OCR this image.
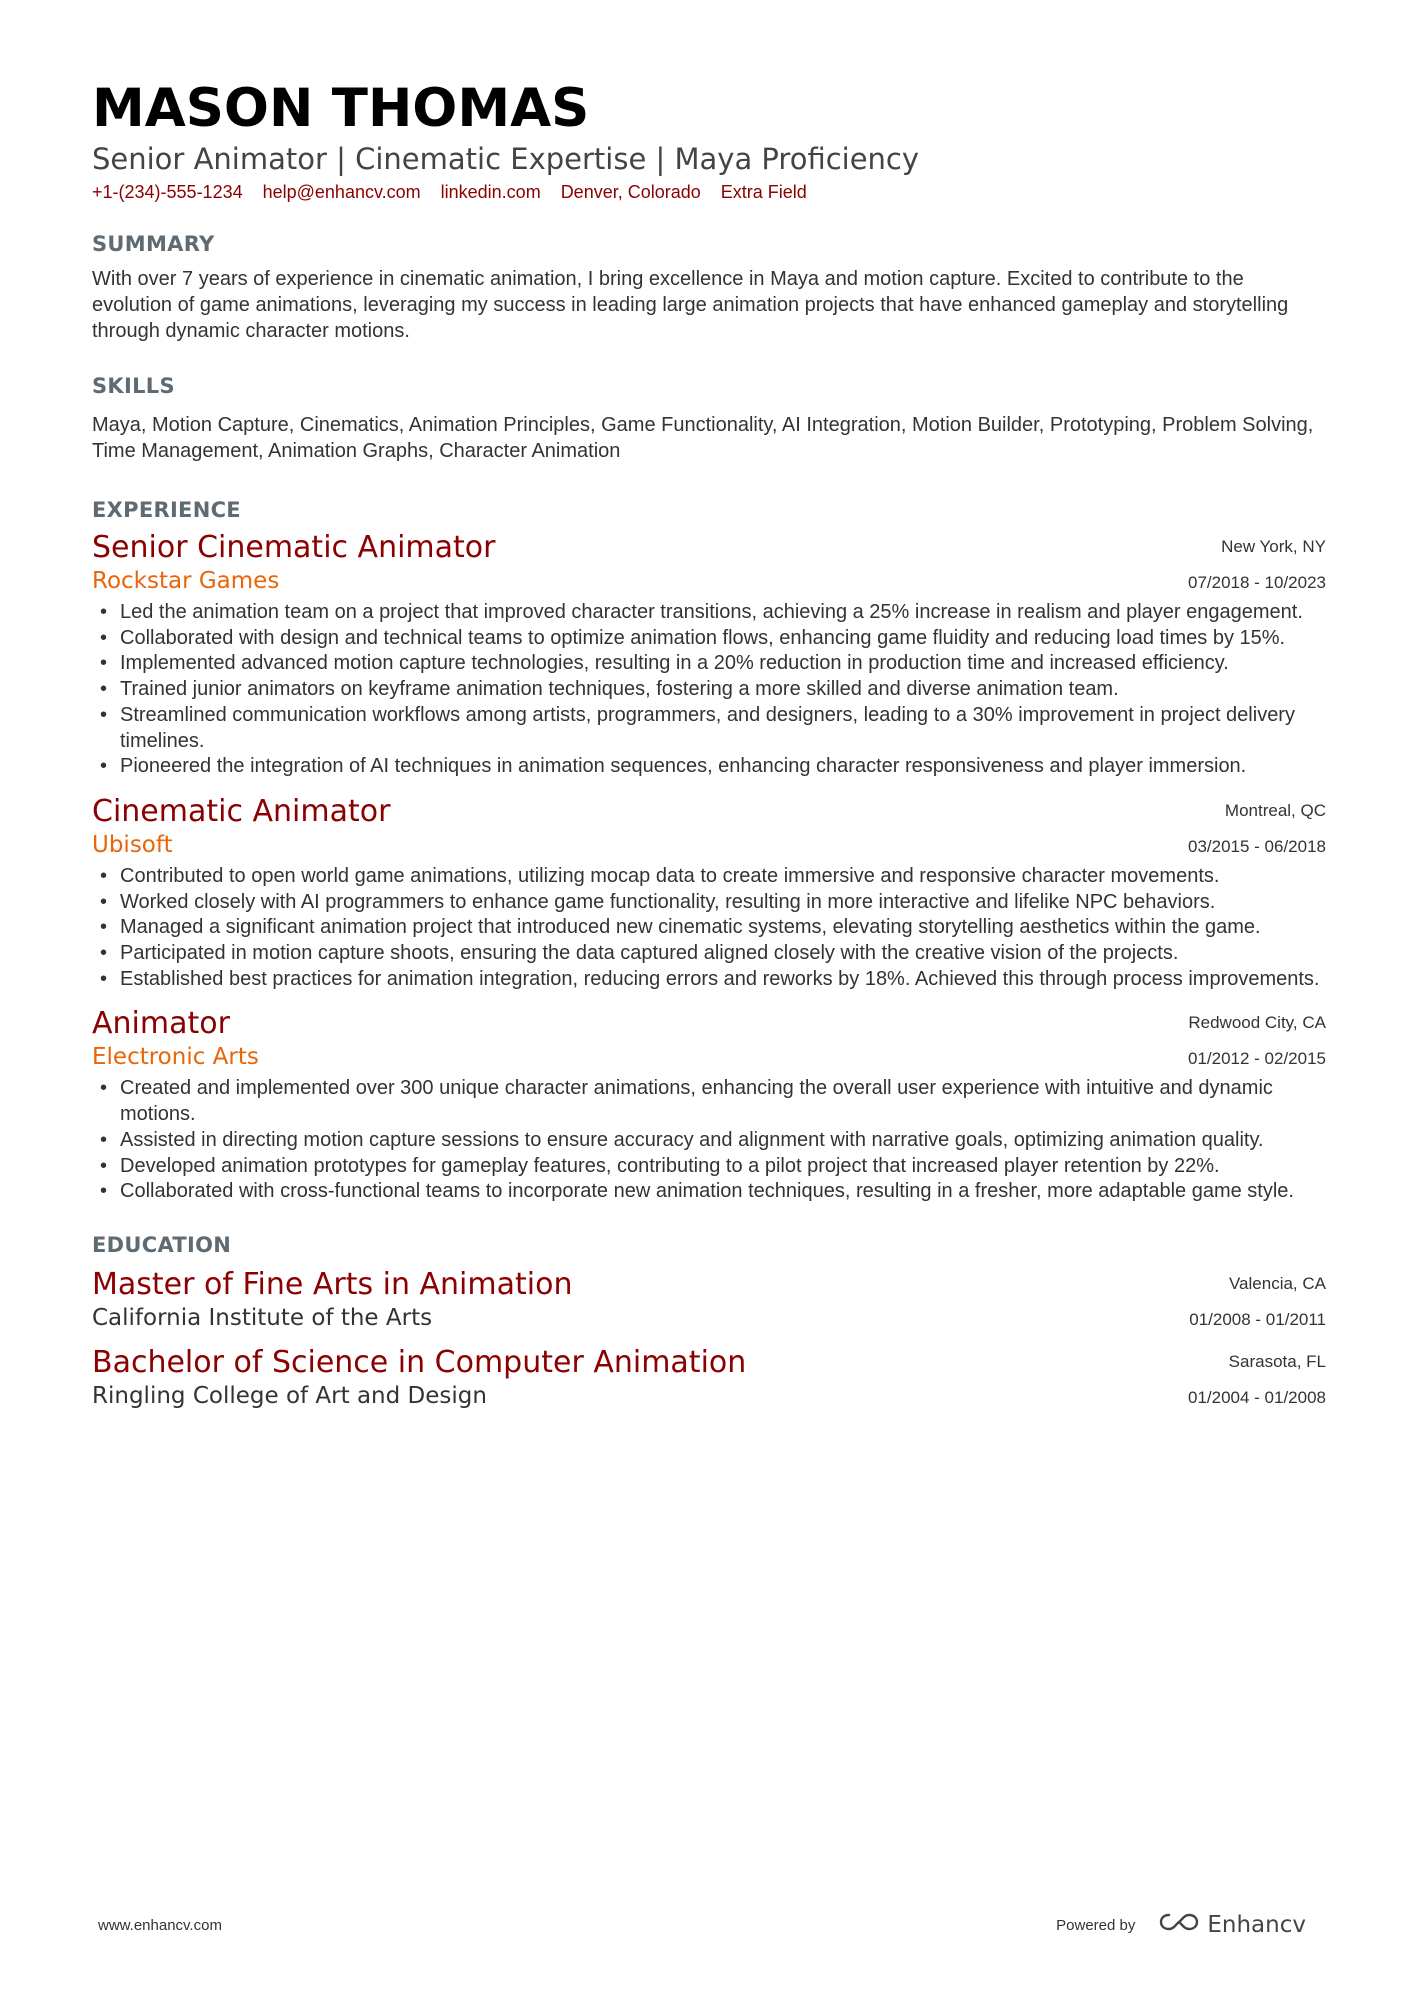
MASON THOMAS
Senior Animator | Cinematic Expertise | Maya Proficiency
+1-(234)-555-1234 help@enhancv.com linkedin.com Denver, Colorado Extra Field
SUMMARY
With over 7 years of experience in cinematic animation, I bring excellence in Maya and motion capture. Excited to contribute to the evolution of game animations, leveraging my success in leading large animation projects that have enhanced gameplay and storytelling through dynamic character motions.
SKILLS
Maya, Motion Capture, Cinematics, Animation Principles, Game Functionality, AI Integration, Motion Builder, Prototyping, Problem Solving, Time Management, Animation Graphs, Character Animation
EXPERIENCE
Senior Cinematic Animator
Rockstar Games
New York, NY
07/2018 - 10/2023
• Led the animation team on a project that improved character transitions, achieving a 25% increase in realism and player engagement.
• Collaborated with design and technical teams to optimize animation flows, enhancing game fluidity and reducing load times by 15%.
• Implemented advanced motion capture technologies, resulting in a 20% reduction in production time and increased efficiency.
• Trained junior animators on keyframe animation techniques, fostering a more skilled and diverse animation team.
• Streamlined communication workflows among artists, programmers, and designers, leading to a 30% improvement in project delivery timelines.
• Pioneered the integration of AI techniques in animation sequences, enhancing character responsiveness and player immersion.
Cinematic Animator
Ubisoft
Montreal, QC
03/2015 - 06/2018
• Contributed to open world game animations, utilizing mocap data to create immersive and responsive character movements.
• Worked closely with AI programmers to enhance game functionality, resulting in more interactive and lifelike NPC behaviors.
• Managed a significant animation project that introduced new cinematic systems, elevating storytelling aesthetics within the game.
• Participated in motion capture shoots, ensuring the data captured aligned closely with the creative vision of the projects.
• Established best practices for animation integration, reducing errors and reworks by 18%. Achieved this through process improvements.
Animator
Electronic Arts
Redwood City, CA
01/2012 - 02/2015
• Created and implemented over 300 unique character animations, enhancing the overall user experience with intuitive and dynamic motions.
• Assisted in directing motion capture sessions to ensure accuracy and alignment with narrative goals, optimizing animation quality.
• Developed animation prototypes for gameplay features, contributing to a pilot project that increased player retention by 22%.
• Collaborated with cross-functional teams to incorporate new animation techniques, resulting in a fresher, more adaptable game style.
EDUCATION
Master of Fine Arts in Animation
California Institute of the Arts
Valencia, CA
01/2008 - 01/2011
Bachelor of Science in Computer Animation
Ringling College of Art and Design
Sarasota, FL
01/2004 - 01/2008
www.enhancv.com	Powered by	Enhancv
